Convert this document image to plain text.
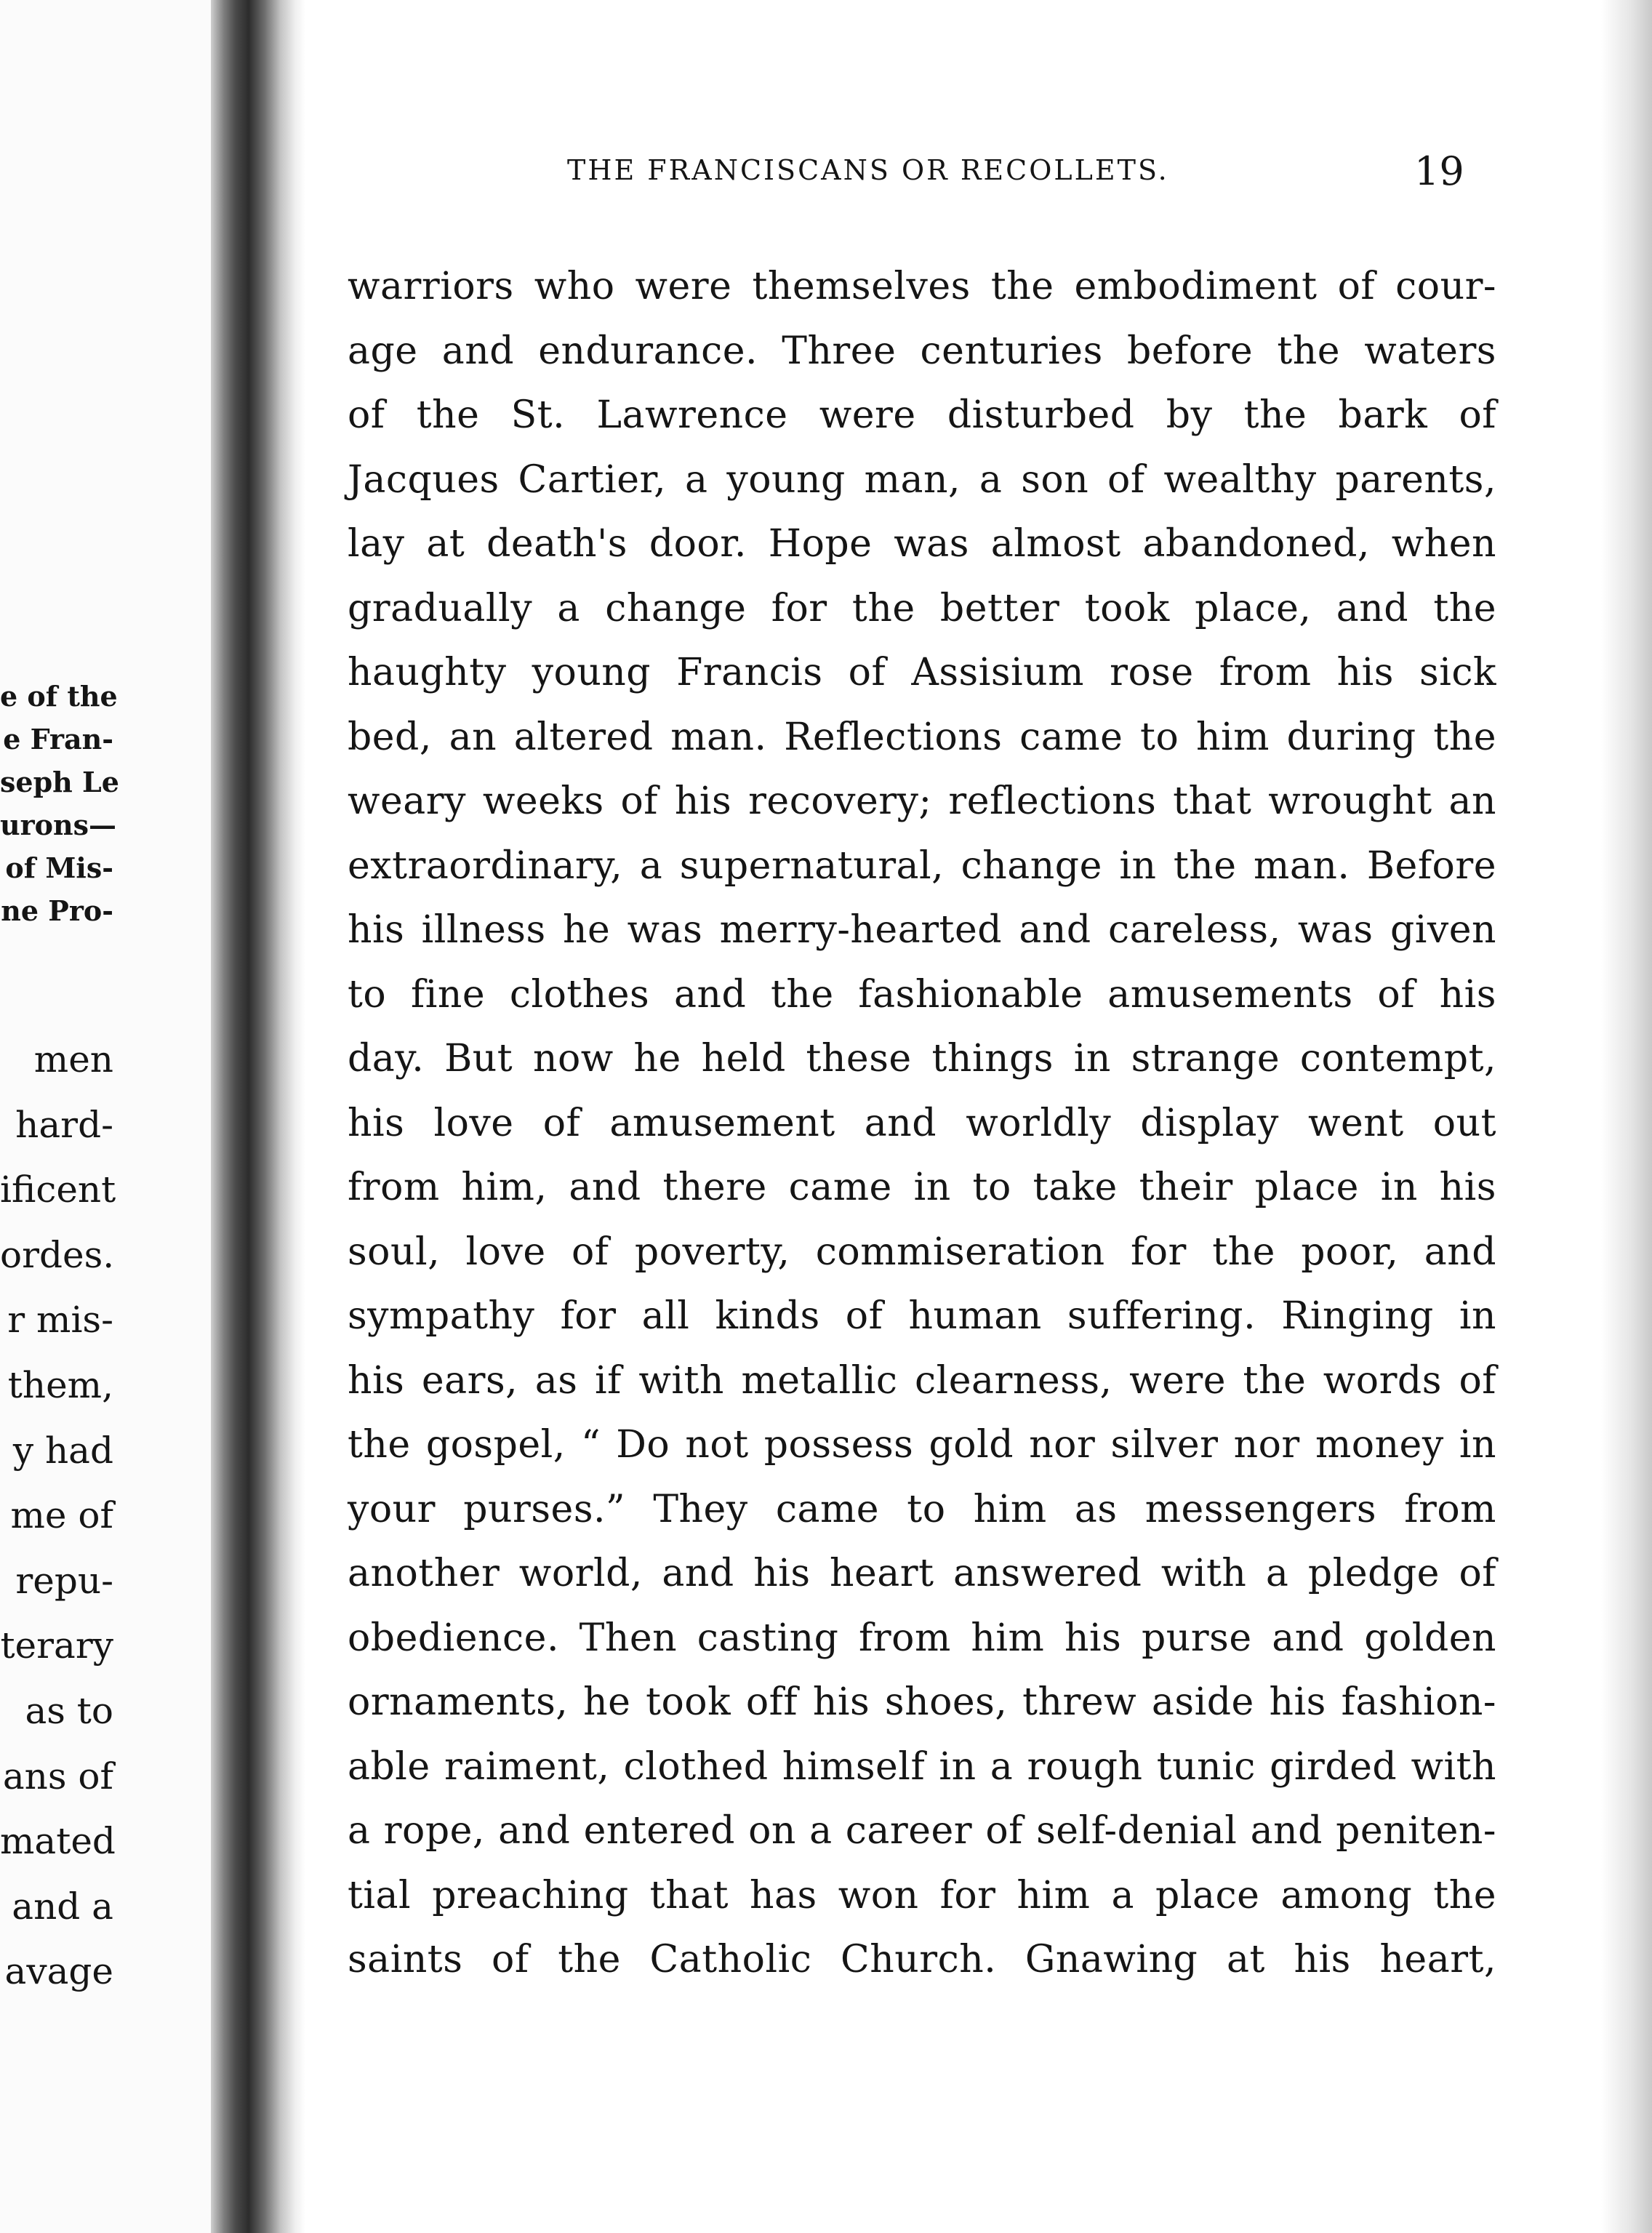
e of the
e Fran-
seph Le
urons—
of Mis-
ne Pro-
men
hard-
ificent
ordes.
r mis-
them,
y had
me of
repu-
terary
as to
ans of
mated
and a
avage
THE FRANCISCANS OR RECOLLETS.	19
warriors who were themselves the embodiment of cour-
age and endurance. Three centuries before the waters
of the St. Lawrence were disturbed by the bark of
Jacques Cartier, a young man, a son of wealthy parents,
lay at death's door. Hope was almost abandoned, when
gradually a change for the better took place, and the
haughty young Francis of Assisium rose from his sick
bed, an altered man. Reflections came to him during the
weary weeks of his recovery; reflections that wrought an
extraordinary, a supernatural, change in the man. Before
his illness he was merry-hearted and careless, was given
to fine clothes and the fashionable amusements of his
day. But now he held these things in strange contempt,
his love of amusement and worldly display went out
from him, and there came in to take their place in his
soul, love of poverty, commiseration for the poor, and
sympathy for all kinds of human suffering. Ringing in
his ears, as if with metallic clearness, were the words of
the gospel, “ Do not possess gold nor silver nor money in
your purses.” They came to him as messengers from
another world, and his heart answered with a pledge of
obedience. Then casting from him his purse and golden
ornaments, he took off his shoes, threw aside his fashion-
able raiment, clothed himself in a rough tunic girded with
a rope, and entered on a career of self-denial and peniten-
tial preaching that has won for him a place among the
saints of the Catholic Church. Gnawing at his heart,
